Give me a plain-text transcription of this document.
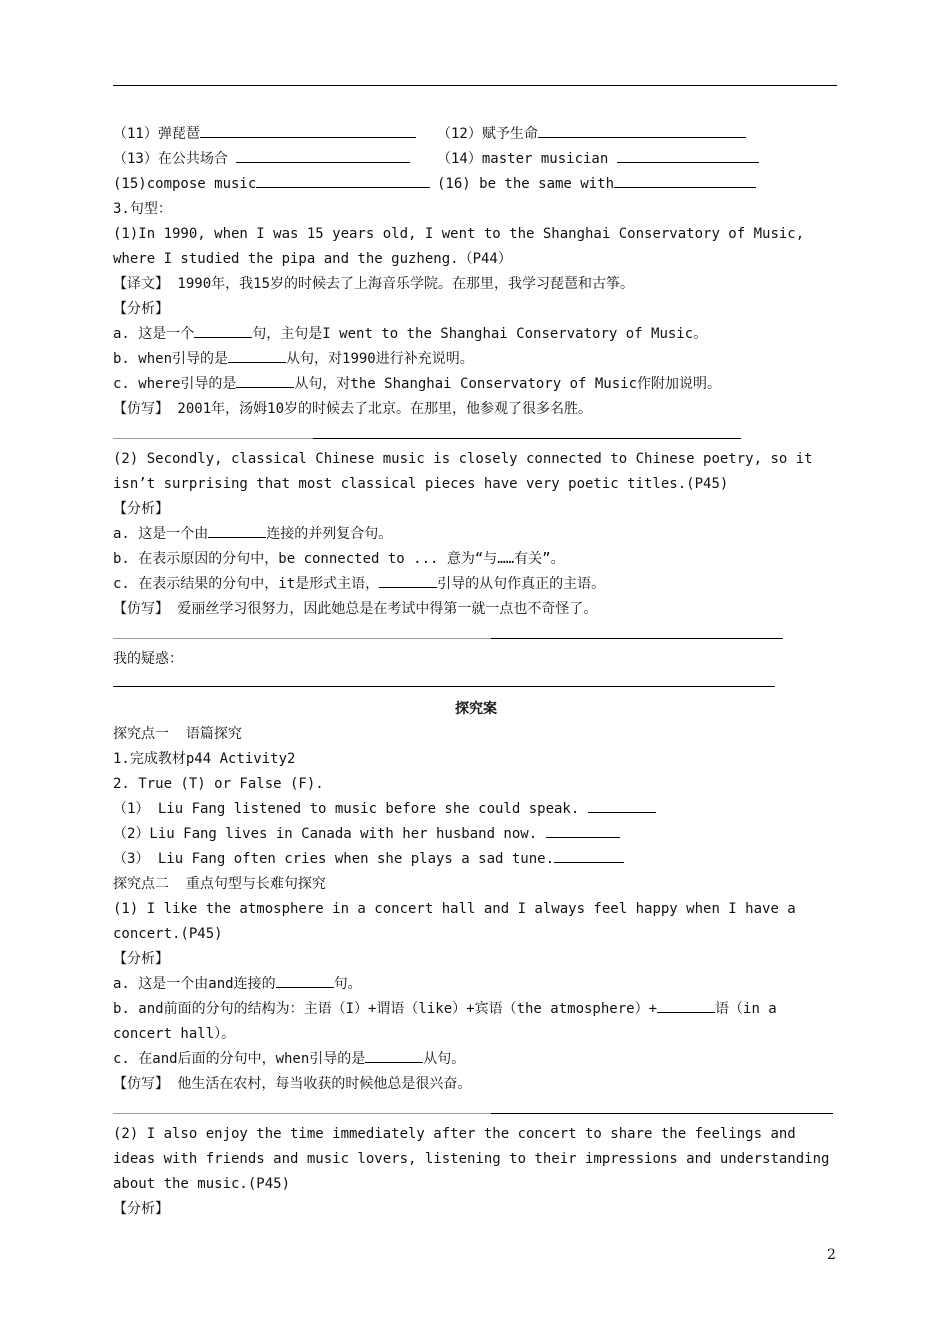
（11）弹琵琶	（12）赋予生命
（13）在公共场合	（14）master musician
(15)compose music	(16) be the same with
3.句型：
(1)In 1990, when I was 15 years old, I went to the Shanghai Conservatory of Music,
where I studied the pipa and the guzheng.（P44）
【译文】 1990年，我15岁的时候去了上海音乐学院。在那里，我学习琵琶和古筝。
【分析】
a. 这是一个	句，主句是I went to the Shanghai Conservatory of Music。
b. when引导的是	从句，对1990进行补充说明。
c. where引导的是	从句，对the Shanghai Conservatory of Music作附加说明。
【仿写】 2001年，汤姆10岁的时候去了北京。在那里，他参观了很多名胜。
(2) Secondly, classical Chinese music is closely connected to Chinese poetry, so it
isn’t surprising that most classical pieces have very poetic titles.(P45)
【分析】
a. 这是一个由	连接的并列复合句。
b. 在表示原因的分句中，be connected to ... 意为“与……有关”。
c. 在表示结果的分句中，it是形式主语，	引导的从句作真正的主语。
【仿写】 爱丽丝学习很努力，因此她总是在考试中得第一就一点也不奇怪了。
我的疑惑：
探究案
探究点一  语篇探究
1.完成教材p44 Activity2
2. True (T) or False (F).
（1） Liu Fang listened to music before she could speak.
（2）Liu Fang lives in Canada with her husband now.
（3） Liu Fang often cries when she plays a sad tune.
探究点二  重点句型与长难句探究
(1) I like the atmosphere in a concert hall and I always feel happy when I have a
concert.(P45)
【分析】
a. 这是一个由and连接的	句。
b. and前面的分句的结构为：主语（I）+谓语（like）+宾语（the atmosphere）+	语（in a
concert hall）。
c. 在and后面的分句中，when引导的是	从句。
【仿写】 他生活在农村，每当收获的时候他总是很兴奋。
(2) I also enjoy the time immediately after the concert to share the feelings and
ideas with friends and music lovers, listening to their impressions and understanding
about the music.(P45)
【分析】
2
